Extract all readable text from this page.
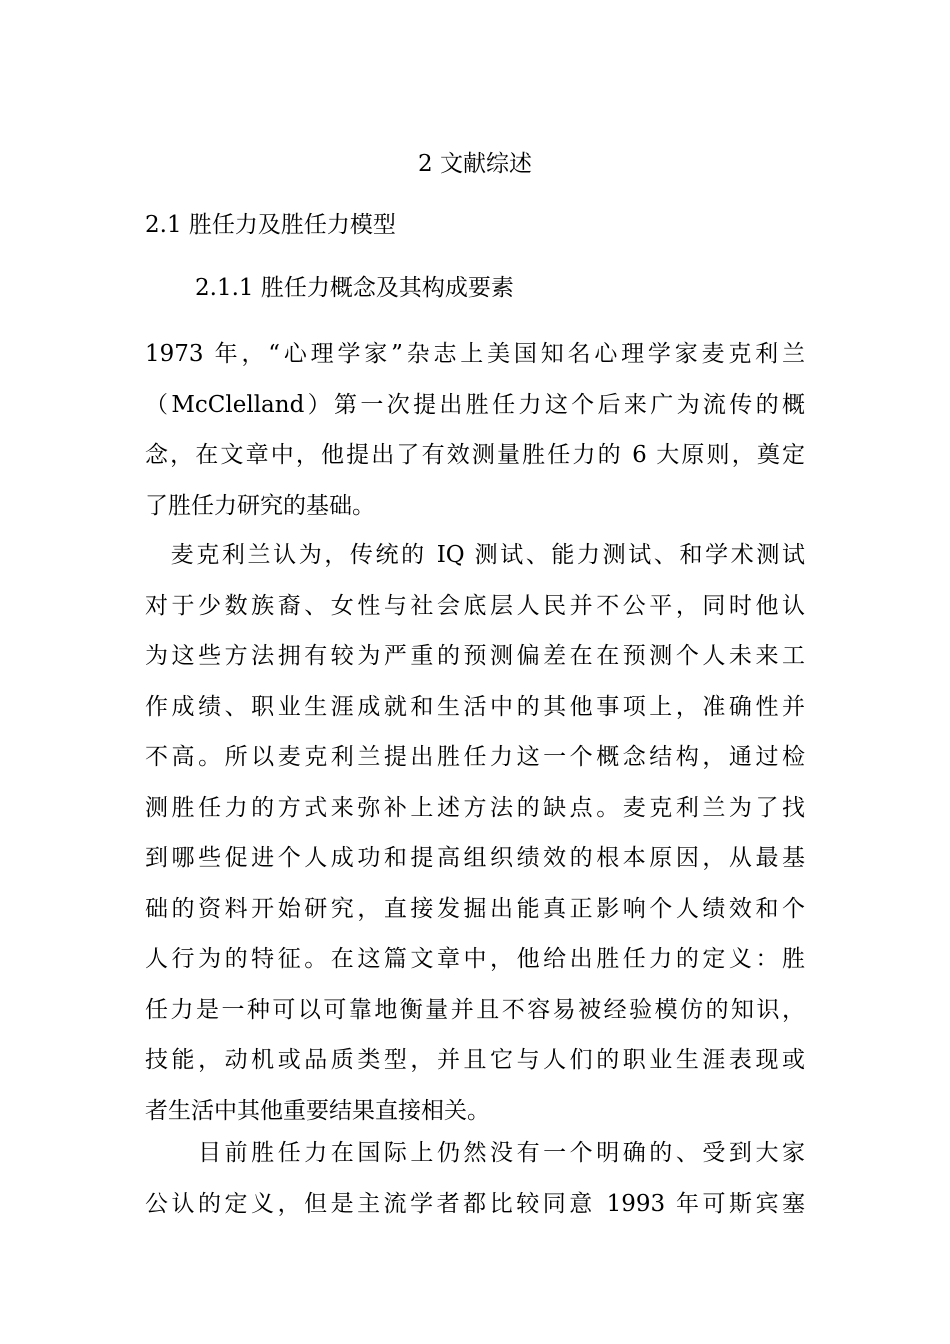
2 文献综述
2.1 胜任力及胜任力模型
2.1.1 胜任力概念及其构成要素

1973 年，“心理学家”杂志上美国知名心理学家麦克利兰
（McClelland）第一次提出胜任力这个后来广为流传的概
念，在文章中，他提出了有效测量胜任力的 6 大原则，奠定
了胜任力研究的基础。

　麦克利兰认为，传统的 IQ 测试、能力测试、和学术测试
对于少数族裔、女性与社会底层人民并不公平，同时他认
为这些方法拥有较为严重的预测偏差在在预测个人未来工
作成绩、职业生涯成就和生活中的其他事项上，准确性并
不高。所以麦克利兰提出胜任力这一个概念结构，通过检
测胜任力的方式来弥补上述方法的缺点。麦克利兰为了找
到哪些促进个人成功和提高组织绩效的根本原因，从最基
础的资料开始研究，直接发掘出能真正影响个人绩效和个
人行为的特征。在这篇文章中，他给出胜任力的定义：胜
任力是一种可以可靠地衡量并且不容易被经验模仿的知识，
技能，动机或品质类型，并且它与人们的职业生涯表现或
者生活中其他重要结果直接相关。

　　目前胜任力在国际上仍然没有一个明确的、受到大家
公认的定义，但是主流学者都比较同意 1993 年可斯宾塞
